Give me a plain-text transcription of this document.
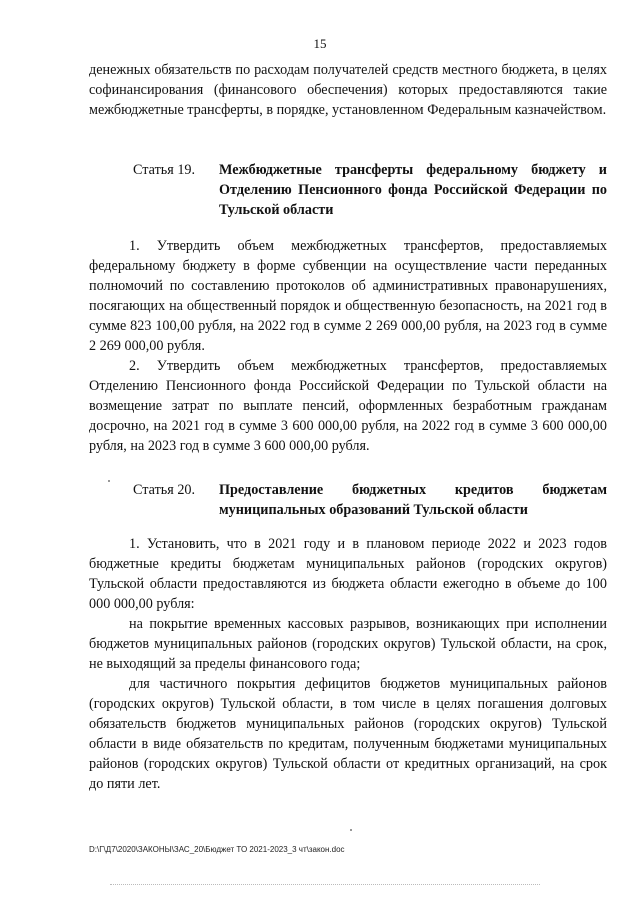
15

денежных обязательств по расходам получателей средств местного бюджета, в целях софинансирования (финансового обеспечения) которых предоставляются такие межбюджетные трансферты, в порядке, установленном Федеральным казначейством.

Статья 19.	Межбюджетные трансферты федеральному бюджету и Отделению Пенсионного фонда Российской Федерации по Тульской области

1. Утвердить объем межбюджетных трансфертов, предоставляемых федеральному бюджету в форме субвенции на осуществление части переданных полномочий по составлению протоколов об административных правонарушениях, посягающих на общественный порядок и общественную безопасность, на 2021 год в сумме 823 100,00 рубля, на 2022 год в сумме 2 269 000,00 рубля, на 2023 год в сумме 2 269 000,00 рубля.

2. Утвердить объем межбюджетных трансфертов, предоставляемых Отделению Пенсионного фонда Российской Федерации по Тульской области на возмещение затрат по выплате пенсий, оформленных безработным гражданам досрочно, на 2021 год в сумме 3 600 000,00 рубля, на 2022 год в сумме 3 600 000,00 рубля, на 2023 год в сумме 3 600 000,00 рубля.

Статья 20.	Предоставление бюджетных кредитов бюджетам муниципальных образований Тульской области

1. Установить, что в 2021 году и в плановом периоде 2022 и 2023 годов бюджетные кредиты бюджетам муниципальных районов (городских округов) Тульской области предоставляются из бюджета области ежегодно в объеме до 100 000 000,00 рубля:

на покрытие временных кассовых разрывов, возникающих при исполнении бюджетов муниципальных районов (городских округов) Тульской области, на срок, не выходящий за пределы финансового года;

для частичного покрытия дефицитов бюджетов муниципальных районов (городских округов) Тульской области, в том числе в целях погашения долговых обязательств бюджетов муниципальных районов (городских округов) Тульской области в виде обязательств по кредитам, полученным бюджетами муниципальных районов (городских округов) Тульской области от кредитных организаций, на срок до пяти лет.

D:\Г\Д7\2020\ЗАКОНЫ\ЗАС_20\Бюджет ТО 2021-2023_3 чт\закон.doc
